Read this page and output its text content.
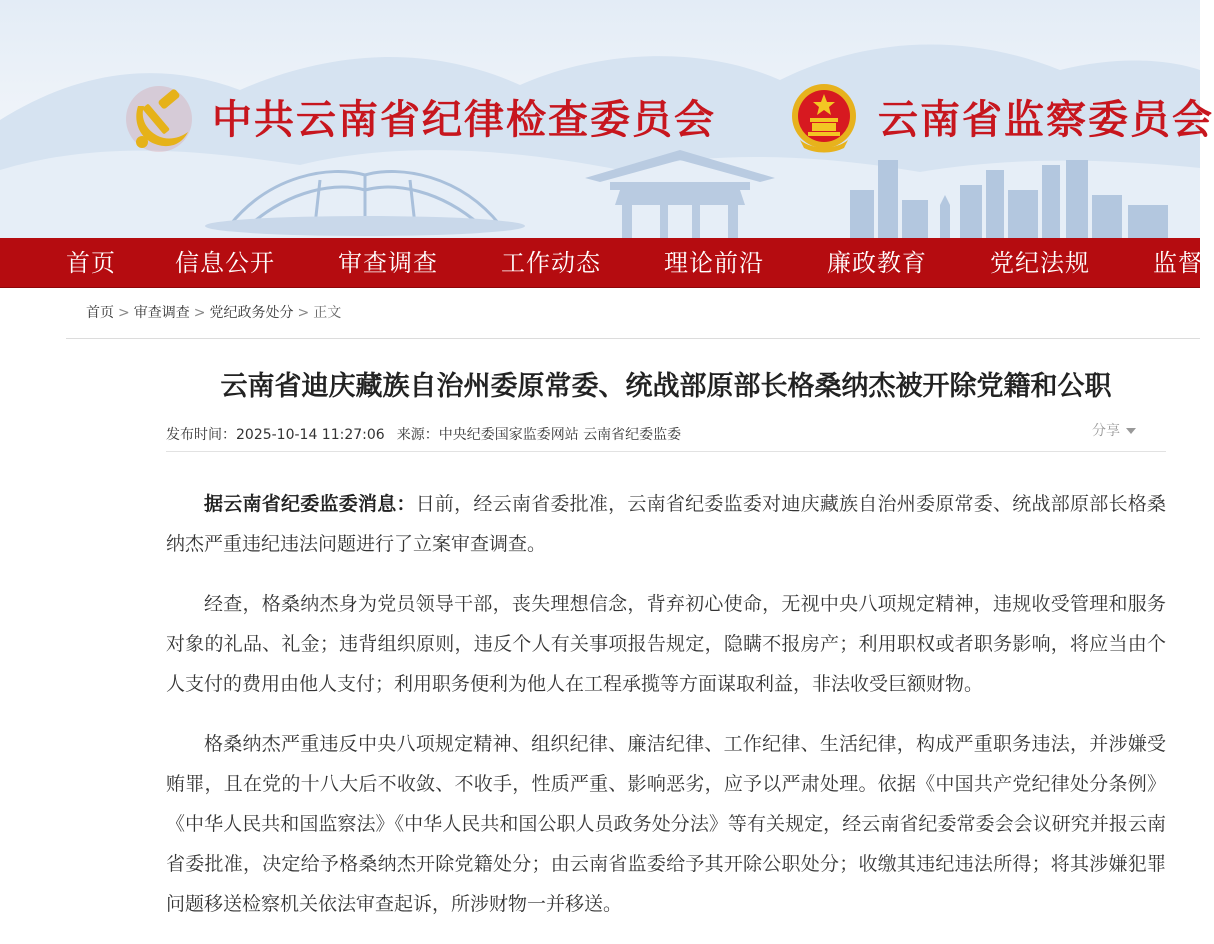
中共云南省纪律检查委员会	云南省监察委员会
首页 信息公开	审查调查	工作动态	理论前沿	廉政教育	党纪法规	监督
首页 > 审查调查 > 党纪政务处分 > 正文
云南省迪庆藏族自治州委原常委、统战部原部长格桑纳杰被开除党籍和公职
发布时间：2025-10-14 11:27:06 来源：中央纪委国家监委网站 云南省纪委监委	分享

据云南省纪委监委消息：日前，经云南省委批准，云南省纪委监委对迪庆藏族自治州委原常委、统战部原部长格桑纳杰严重违纪违法问题进行了立案审查调查。

经查，格桑纳杰身为党员领导干部，丧失理想信念，背弃初心使命，无视中央八项规定精神，违规收受管理和服务对象的礼品、礼金；违背组织原则，违反个人有关事项报告规定，隐瞒不报房产；利用职权或者职务影响，将应当由个人支付的费用由他人支付；利用职务便利为他人在工程承揽等方面谋取利益，非法收受巨额财物。

格桑纳杰严重违反中央八项规定精神、组织纪律、廉洁纪律、工作纪律、生活纪律，构成严重职务违法，并涉嫌受贿罪，且在党的十八大后不收敛、不收手，性质严重、影响恶劣，应予以严肃处理。依据《中国共产党纪律处分条例》《中华人民共和国监察法》《中华人民共和国公职人员政务处分法》等有关规定，经云南省纪委常委会会议研究并报云南省委批准，决定给予格桑纳杰开除党籍处分；由云南省监委给予其开除公职处分；收缴其违纪违法所得；将其涉嫌犯罪问题移送检察机关依法审查起诉，所涉财物一并移送。
